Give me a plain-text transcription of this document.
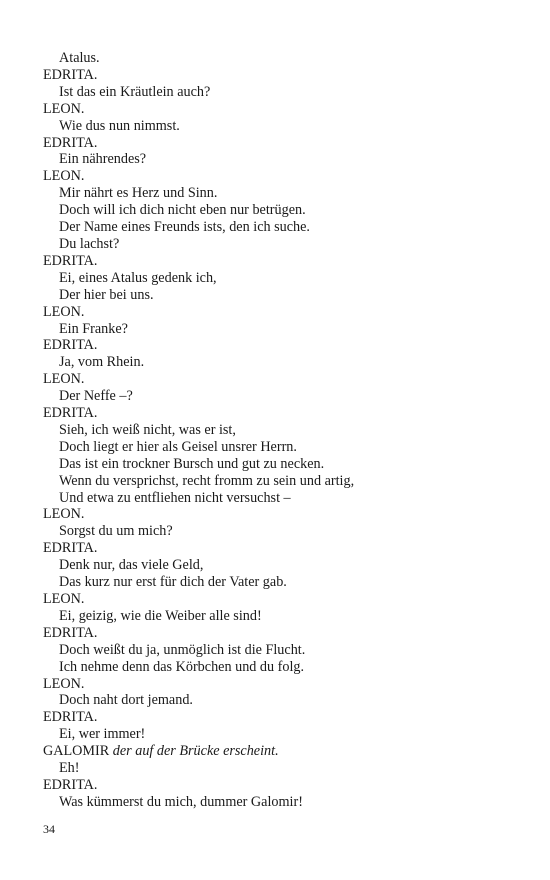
Atalus.
EDRITA.
Ist das ein Kräutlein auch?
LEON.
Wie dus nun nimmst.
EDRITA.
Ein nährendes?
LEON.
Mir nährt es Herz und Sinn.
Doch will ich dich nicht eben nur betrügen.
Der Name eines Freunds ists, den ich suche.
Du lachst?
EDRITA.
Ei, eines Atalus gedenk ich,
Der hier bei uns.
LEON.
Ein Franke?
EDRITA.
Ja, vom Rhein.
LEON.
Der Neffe –?
EDRITA.
Sieh, ich weiß nicht, was er ist,
Doch liegt er hier als Geisel unsrer Herrn.
Das ist ein trockner Bursch und gut zu necken.
Wenn du versprichst, recht fromm zu sein und artig,
Und etwa zu entfliehen nicht versuchst –
LEON.
Sorgst du um mich?
EDRITA.
Denk nur, das viele Geld,
Das kurz nur erst für dich der Vater gab.
LEON.
Ei, geizig, wie die Weiber alle sind!
EDRITA.
Doch weißt du ja, unmöglich ist die Flucht.
Ich nehme denn das Körbchen und du folg.
LEON.
Doch naht dort jemand.
EDRITA.
Ei, wer immer!
GALOMIR der auf der Brücke erscheint.
Eh!
EDRITA.
Was kümmerst du mich, dummer Galomir!
34
